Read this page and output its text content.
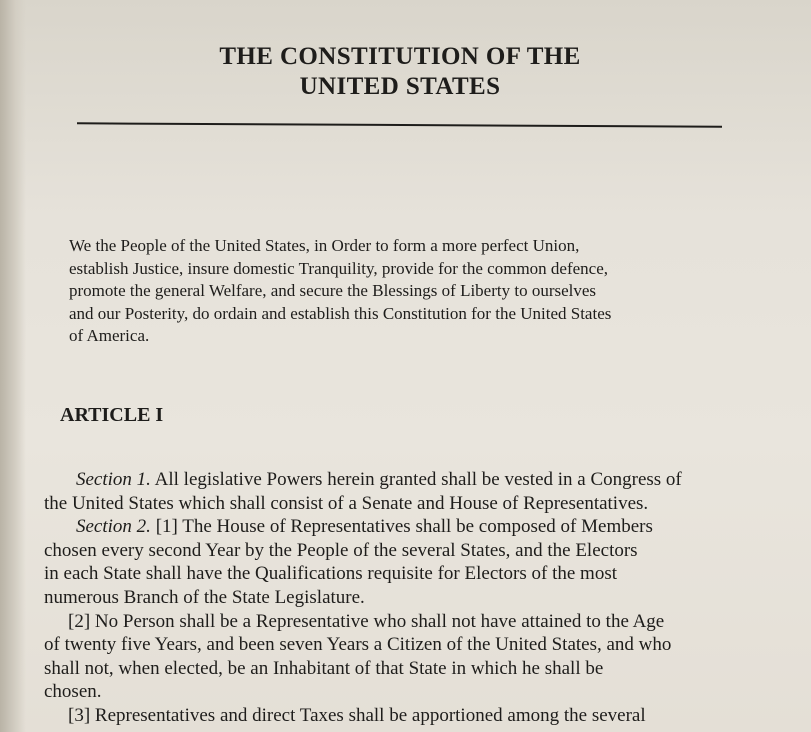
THE CONSTITUTION OF THE
UNITED STATES
We the People of the United States, in Order to form a more perfect Union,
establish Justice, insure domestic Tranquility, provide for the common defence,
promote the general Welfare, and secure the Blessings of Liberty to ourselves
and our Posterity, do ordain and establish this Constitution for the United States
of America.
ARTICLE I
Section 1. All legislative Powers herein granted shall be vested in a Congress of
the United States which shall consist of a Senate and House of Representatives.
Section 2. [1] The House of Representatives shall be composed of Members
chosen every second Year by the People of the several States, and the Electors
in each State shall have the Qualifications requisite for Electors of the most
numerous Branch of the State Legislature.
[2] No Person shall be a Representative who shall not have attained to the Age
of twenty five Years, and been seven Years a Citizen of the United States, and who
shall not, when elected, be an Inhabitant of that State in which he shall be
chosen.
[3] Representatives and direct Taxes shall be apportioned among the several
